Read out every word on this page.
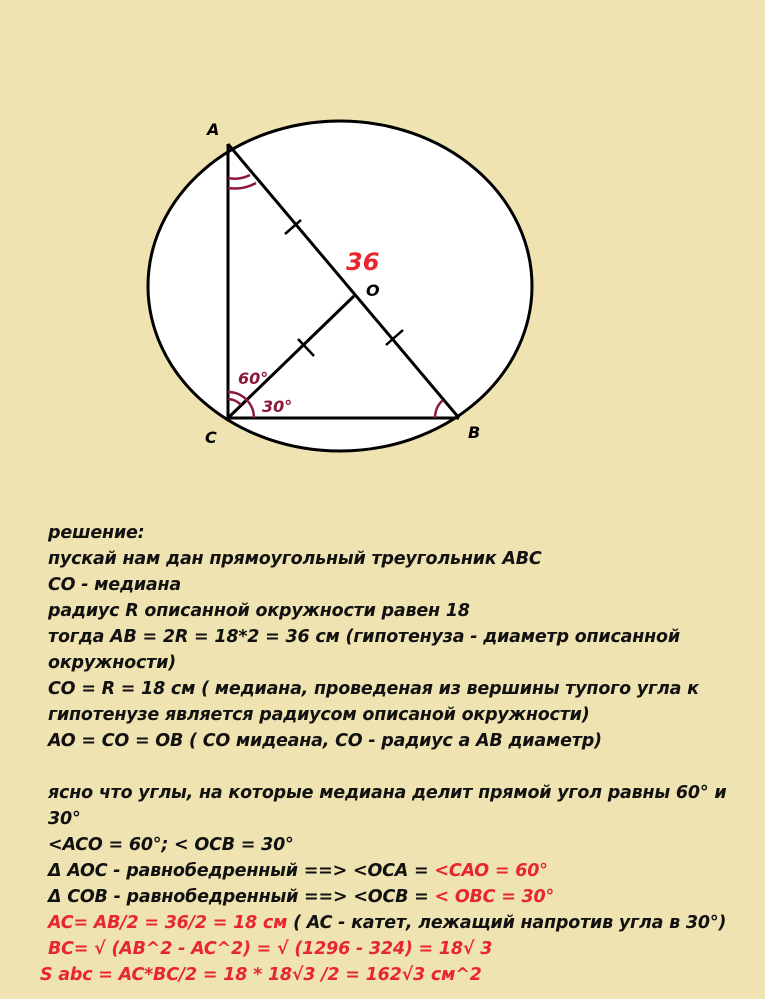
A
B
C
O
36
60°
30°
решение:
пускай нам дан прямоугольный треугольник ABC
CO - медиана
радиус R описанной окружности равен 18
тогда AB = 2R = 18*2 = 36 см (гипотенуза - диаметр описанной
окружности)
CO = R = 18 см ( медиана, проведеная из вершины тупого угла к
гипотенузе является радиусом описаной окружности)
AO = CO = OB ( CO мидеана, CO - радиус а AB диаметр)
ясно что углы, на которые медиана делит прямой угол равны 60° и
30°
<ACO = 60°; < OCB = 30°
Δ AOC - равнобедренный ==> <OCA = <CAO = 60°
Δ COB - равнобедренный ==> <OCB = < OBC = 30°
AC= AB/2 = 36/2 = 18 см ( AC - катет, лежащий напротив угла в 30°)
BC= √ (AB^2 - AC^2) = √ (1296 - 324) = 18√ 3
S abc = AC*BC/2 = 18 * 18√3 /2 = 162√3 см^2
